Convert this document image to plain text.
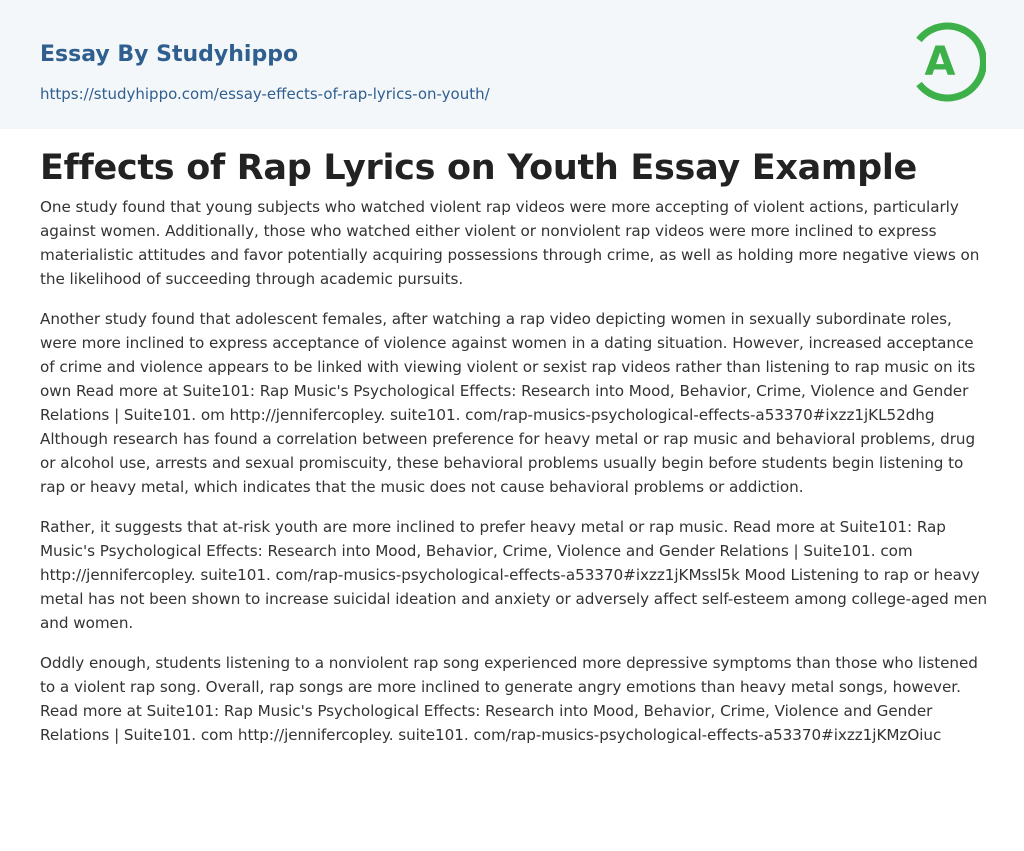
Essay By Studyhippo
https://studyhippo.com/essay-effects-of-rap-lyrics-on-youth/
A
Effects of Rap Lyrics on Youth Essay Example

One study found that young subjects who watched violent rap videos were more accepting of violent actions, particularly against women. Additionally, those who watched either violent or nonviolent rap videos were more inclined to express materialistic attitudes and favor potentially acquiring possessions through crime, as well as holding more negative views on the likelihood of succeeding through academic pursuits.

Another study found that adolescent females, after watching a rap video depicting women in sexually subordinate roles, were more inclined to express acceptance of violence against women in a dating situation. However, increased acceptance of crime and violence appears to be linked with viewing violent or sexist rap videos rather than listening to rap music on its own Read more at Suite101: Rap Music's Psychological Effects: Research into Mood, Behavior, Crime, Violence and Gender Relations | Suite101. om http://jennifercopley. suite101. com/rap-musics-psychological-effects-a53370#ixzz1jKL52dhg Although research has found a correlation between preference for heavy metal or rap music and behavioral problems, drug or alcohol use, arrests and sexual promiscuity, these behavioral problems usually begin before students begin listening to rap or heavy metal, which indicates that the music does not cause behavioral problems or addiction.

Rather, it suggests that at-risk youth are more inclined to prefer heavy metal or rap music. Read more at Suite101: Rap Music's Psychological Effects: Research into Mood, Behavior, Crime, Violence and Gender Relations | Suite101. com http://jennifercopley. suite101. com/rap-musics-psychological-effects-a53370#ixzz1jKMssl5k Mood Listening to rap or heavy metal has not been shown to increase suicidal ideation and anxiety or adversely affect self-esteem among college-aged men and women.

Oddly enough, students listening to a nonviolent rap song experienced more depressive symptoms than those who listened to a violent rap song. Overall, rap songs are more inclined to generate angry emotions than heavy metal songs, however. Read more at Suite101: Rap Music's Psychological Effects: Research into Mood, Behavior, Crime, Violence and Gender Relations | Suite101. com http://jennifercopley. suite101. com/rap-musics-psychological-effects-a53370#ixzz1jKMzOiuc
